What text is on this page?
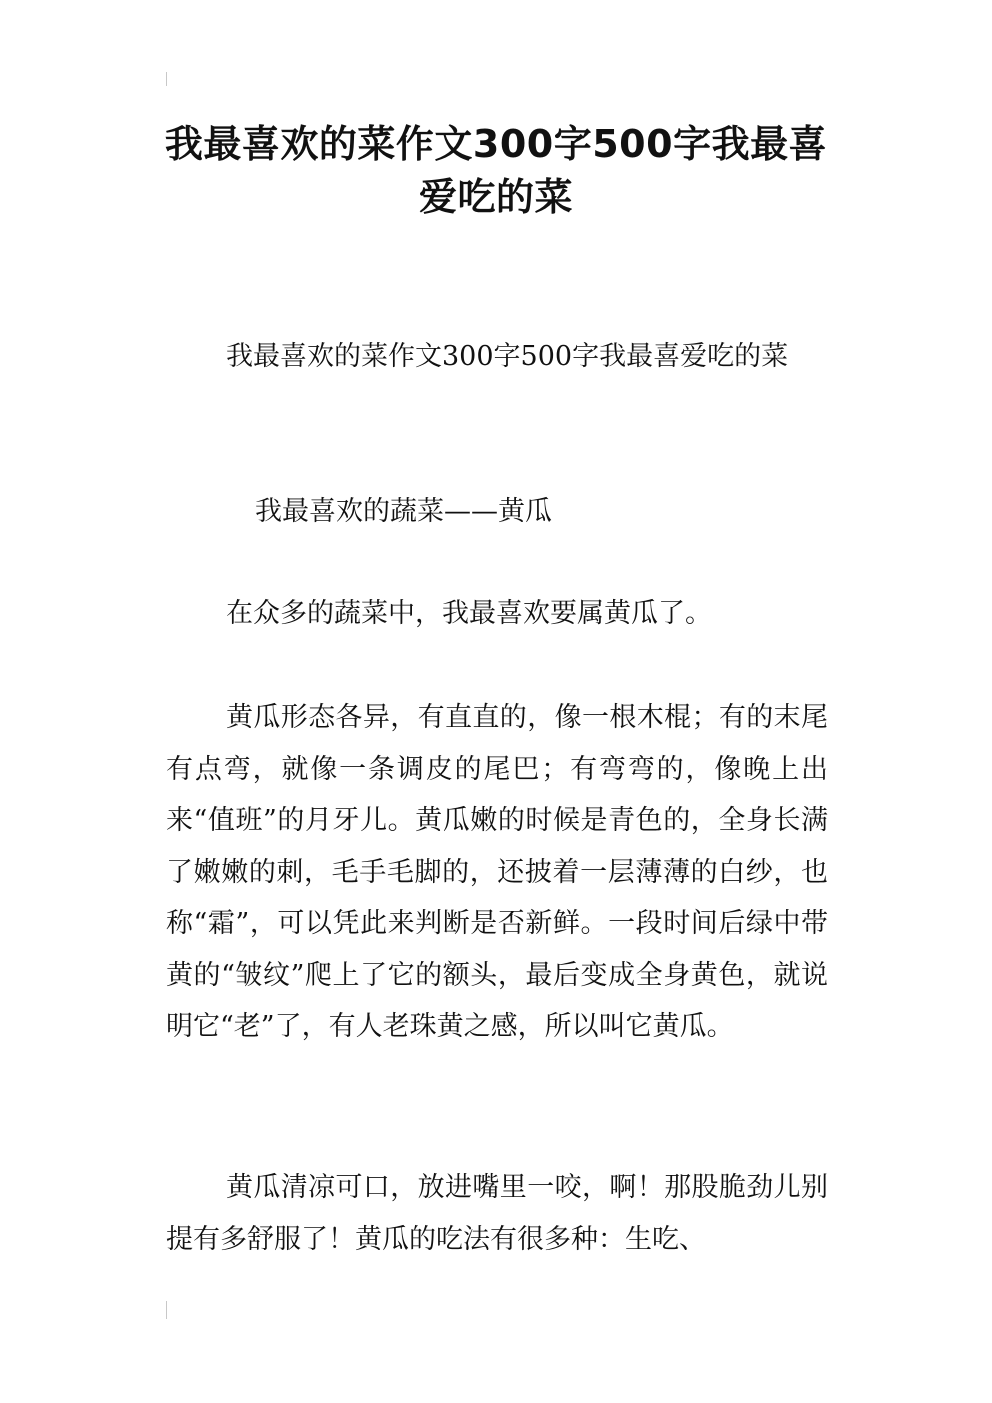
我最喜欢的菜作文300字500字我最喜爱吃的菜

我最喜欢的菜作文300字500字我最喜爱吃的菜

我最喜欢的蔬菜——黄瓜

在众多的蔬菜中，我最喜欢要属黄瓜了。

黄瓜形态各异，有直直的，像一根木棍；有的末尾有点弯，就像一条调皮的尾巴；有弯弯的，像晚上出来“值班”的月牙儿。黄瓜嫩的时候是青色的，全身长满了嫩嫩的刺，毛手毛脚的，还披着一层薄薄的白纱，也称“霜”，可以凭此来判断是否新鲜。一段时间后绿中带黄的“皱纹”爬上了它的额头，最后变成全身黄色，就说明它“老”了，有人老珠黄之感，所以叫它黄瓜。

黄瓜清凉可口，放进嘴里一咬，啊！那股脆劲儿别提有多舒服了！黄瓜的吃法有很多种：生吃、
